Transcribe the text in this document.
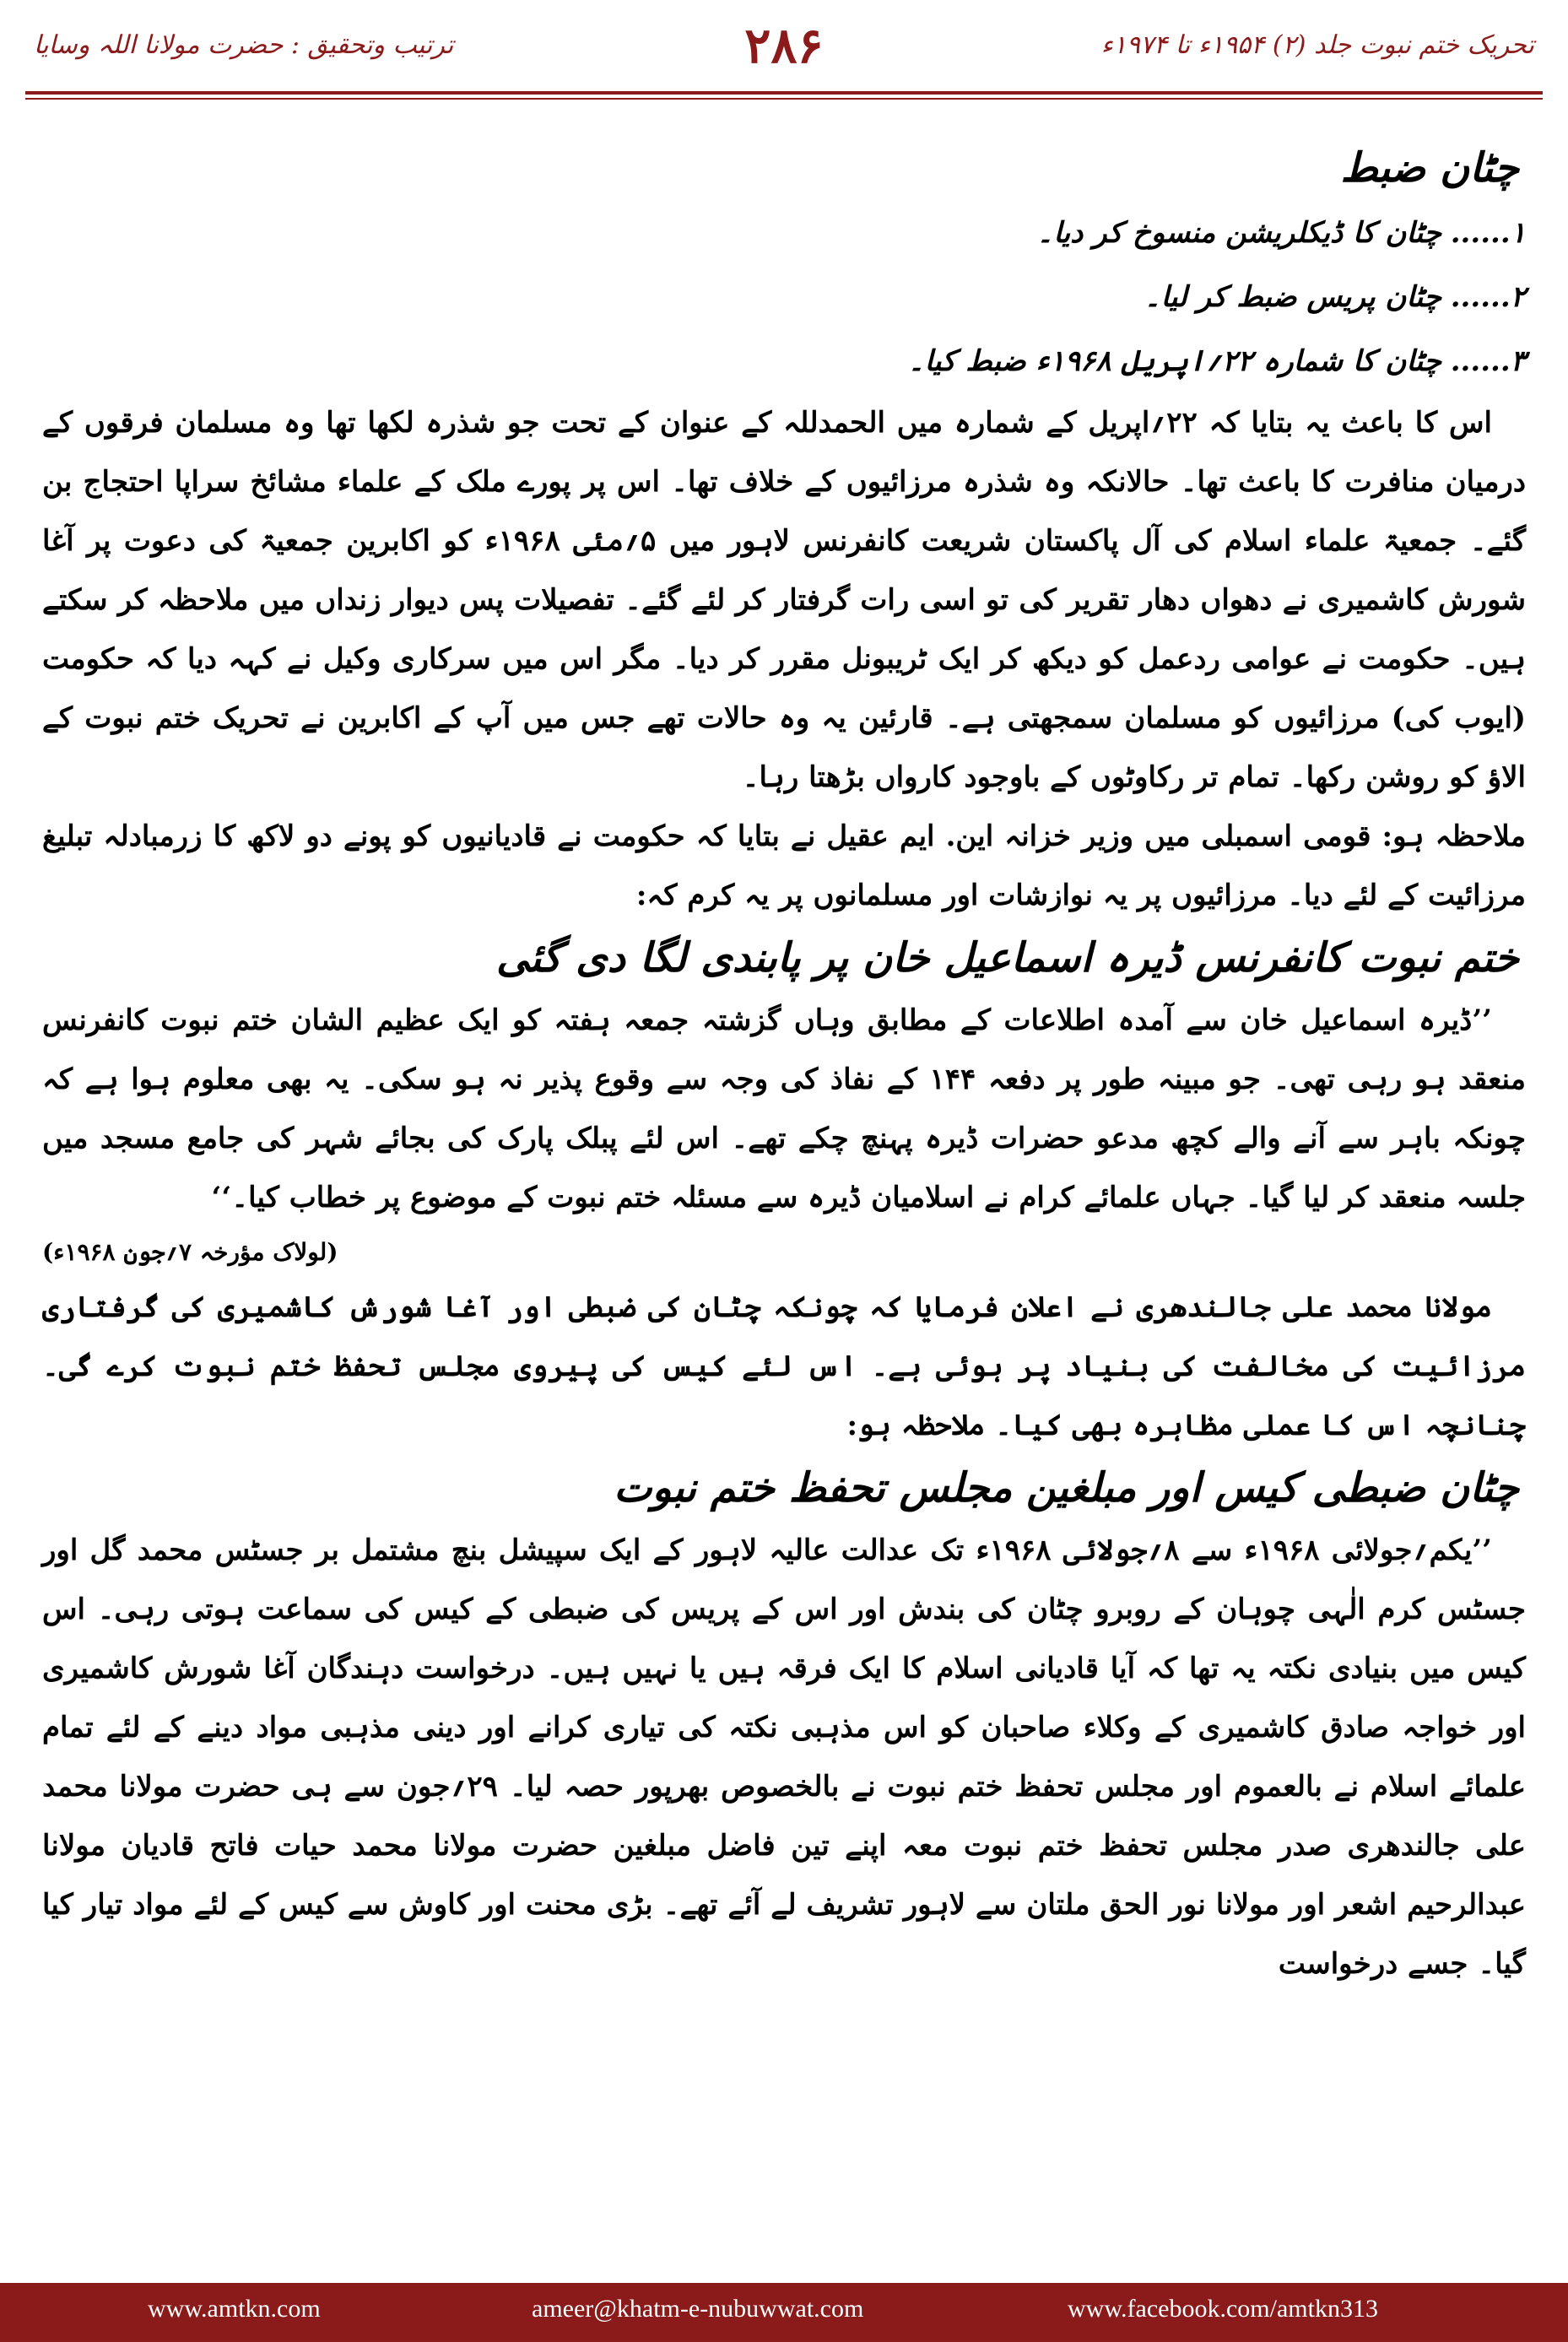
تحریک ختم نبوت جلد (۲) ۱۹۵۴ء تا ۱۹۷۴ء
۲۸۶
ترتیب وتحقیق : حضرت مولانا اللہ وسایا
چٹان ضبط
۱......
چٹان کا ڈیکلریشن منسوخ کر دیا۔
۲......
چٹان پریس ضبط کر لیا۔
۳......
چٹان کا شمارہ ۲۲؍اپریل ۱۹۶۸ء ضبط کیا۔

اس کا باعث یہ بتایا کہ ۲۲؍اپریل کے شمارہ میں الحمدللہ کے عنوان کے تحت جو شذرہ لکھا تھا وہ مسلمان فرقوں کے درمیان منافرت کا باعث تھا۔ حالانکہ وہ شذرہ مرزائیوں کے خلاف تھا۔ اس پر پورے ملک کے علماء مشائخ سراپا احتجاج بن گئے۔ جمعیۃ علماء اسلام کی آل پاکستان شریعت کانفرنس لاہور میں ۵؍مئی ۱۹۶۸ء کو اکابرین جمعیۃ کی دعوت پر آغا شورش کاشمیری نے دھواں دھار تقریر کی تو اسی رات گرفتار کر لئے گئے۔ تفصیلات پس دیوار زنداں میں ملاحظہ کر سکتے ہیں۔ حکومت نے عوامی ردعمل کو دیکھ کر ایک ٹریبونل مقرر کر دیا۔ مگر اس میں سرکاری وکیل نے کہہ دیا کہ حکومت (ایوب کی) مرزائیوں کو مسلمان سمجھتی ہے۔ قارئین یہ وہ حالات تھے جس میں آپ کے اکابرین نے تحریک ختم نبوت کے الاؤ کو روشن رکھا۔ تمام تر رکاوٹوں کے باوجود کارواں بڑھتا رہا۔

ملاحظہ ہو: قومی اسمبلی میں وزیر خزانہ این. ایم عقیل نے بتایا کہ حکومت نے قادیانیوں کو پونے دو لاکھ کا زرمبادلہ تبلیغ مرزائیت کے لئے دیا۔ مرزائیوں پر یہ نوازشات اور مسلمانوں پر یہ کرم کہ:

ختم نبوت کانفرنس ڈیرہ اسماعیل خان پر پابندی لگا دی گئی

’’ڈیرہ اسماعیل خان سے آمدہ اطلاعات کے مطابق وہاں گزشتہ جمعہ ہفتہ کو ایک عظیم الشان ختم نبوت کانفرنس منعقد ہو رہی تھی۔ جو مبینہ طور پر دفعہ ۱۴۴ کے نفاذ کی وجہ سے وقوع پذیر نہ ہو سکی۔ یہ بھی معلوم ہوا ہے کہ چونکہ باہر سے آنے والے کچھ مدعو حضرات ڈیرہ پہنچ چکے تھے۔ اس لئے پبلک پارک کی بجائے شہر کی جامع مسجد میں جلسہ منعقد کر لیا گیا۔ جہاں علمائے کرام نے اسلامیان ڈیرہ سے مسئلہ ختم نبوت کے موضوع پر خطاب کیا۔‘‘

(لولاک مؤرخہ ۷؍جون ۱۹۶۸ء)

مولانا محمد علی جالندھری نے اعلان فرمایا کہ چونکہ چٹان کی ضبطی اور آغا شورش کاشمیری کی گرفتاری مرزائیت کی مخالفت کی بنیاد پر ہوئی ہے۔ اس لئے کیس کی پیروی مجلس تحفظ ختم نبوت کرے گی۔ چنانچہ اس کا عملی مظاہرہ بھی کیا۔ ملاحظہ ہو:

چٹان ضبطی کیس اور مبلغین مجلس تحفظ ختم نبوت

’’یکم؍جولائی ۱۹۶۸ء سے ۸؍جولائی ۱۹۶۸ء تک عدالت عالیہ لاہور کے ایک سپیشل بنچ مشتمل بر جسٹس محمد گل اور جسٹس کرم الٰہی چوہان کے روبرو چٹان کی بندش اور اس کے پریس کی ضبطی کے کیس کی سماعت ہوتی رہی۔ اس کیس میں بنیادی نکتہ یہ تھا کہ آیا قادیانی اسلام کا ایک فرقہ ہیں یا نہیں ہیں۔ درخواست دہندگان آغا شورش کاشمیری اور خواجہ صادق کاشمیری کے وکلاء صاحبان کو اس مذہبی نکتہ کی تیاری کرانے اور دینی مذہبی مواد دینے کے لئے تمام علمائے اسلام نے بالعموم اور مجلس تحفظ ختم نبوت نے بالخصوص بھرپور حصہ لیا۔ ۲۹؍جون سے ہی حضرت مولانا محمد علی جالندھری صدر مجلس تحفظ ختم نبوت معہ اپنے تین فاضل مبلغین حضرت مولانا محمد حیات فاتح قادیان مولانا عبدالرحیم اشعر اور مولانا نور الحق ملتان سے لاہور تشریف لے آئے تھے۔ بڑی محنت اور کاوش سے کیس کے لئے مواد تیار کیا گیا۔ جسے درخواست

www.amtkn.com	ameer@khatm-e-nubuwwat.com	www.facebook.com/amtkn313
